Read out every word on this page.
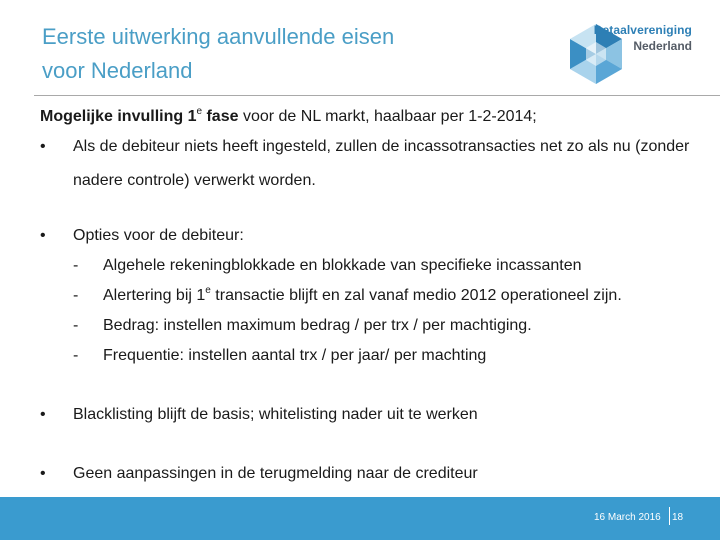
Eerste uitwerking aanvullende eisen
voor Nederland
Detaalvereniging
Nederland
Mogelijke invulling 1e fase voor de NL markt, haalbaar per 1-2-2014;
•	Als de debiteur niets heeft ingesteld, zullen de incassotransacties net zo als nu (zonder nadere controle) verwerkt worden.
•	Opties voor de debiteur:
- Algehele rekeningblokkade en blokkade van specifieke incassanten
- Alertering bij 1e transactie blijft en zal vanaf medio 2012 operationeel zijn.
- Bedrag: instellen maximum bedrag / per trx / per machtiging.
- Frequentie: instellen aantal trx / per jaar/ per machting
•	Blacklisting blijft de basis; whitelisting nader uit te werken
•	Geen aanpassingen in de terugmelding naar de crediteur
16 March 2016 18
